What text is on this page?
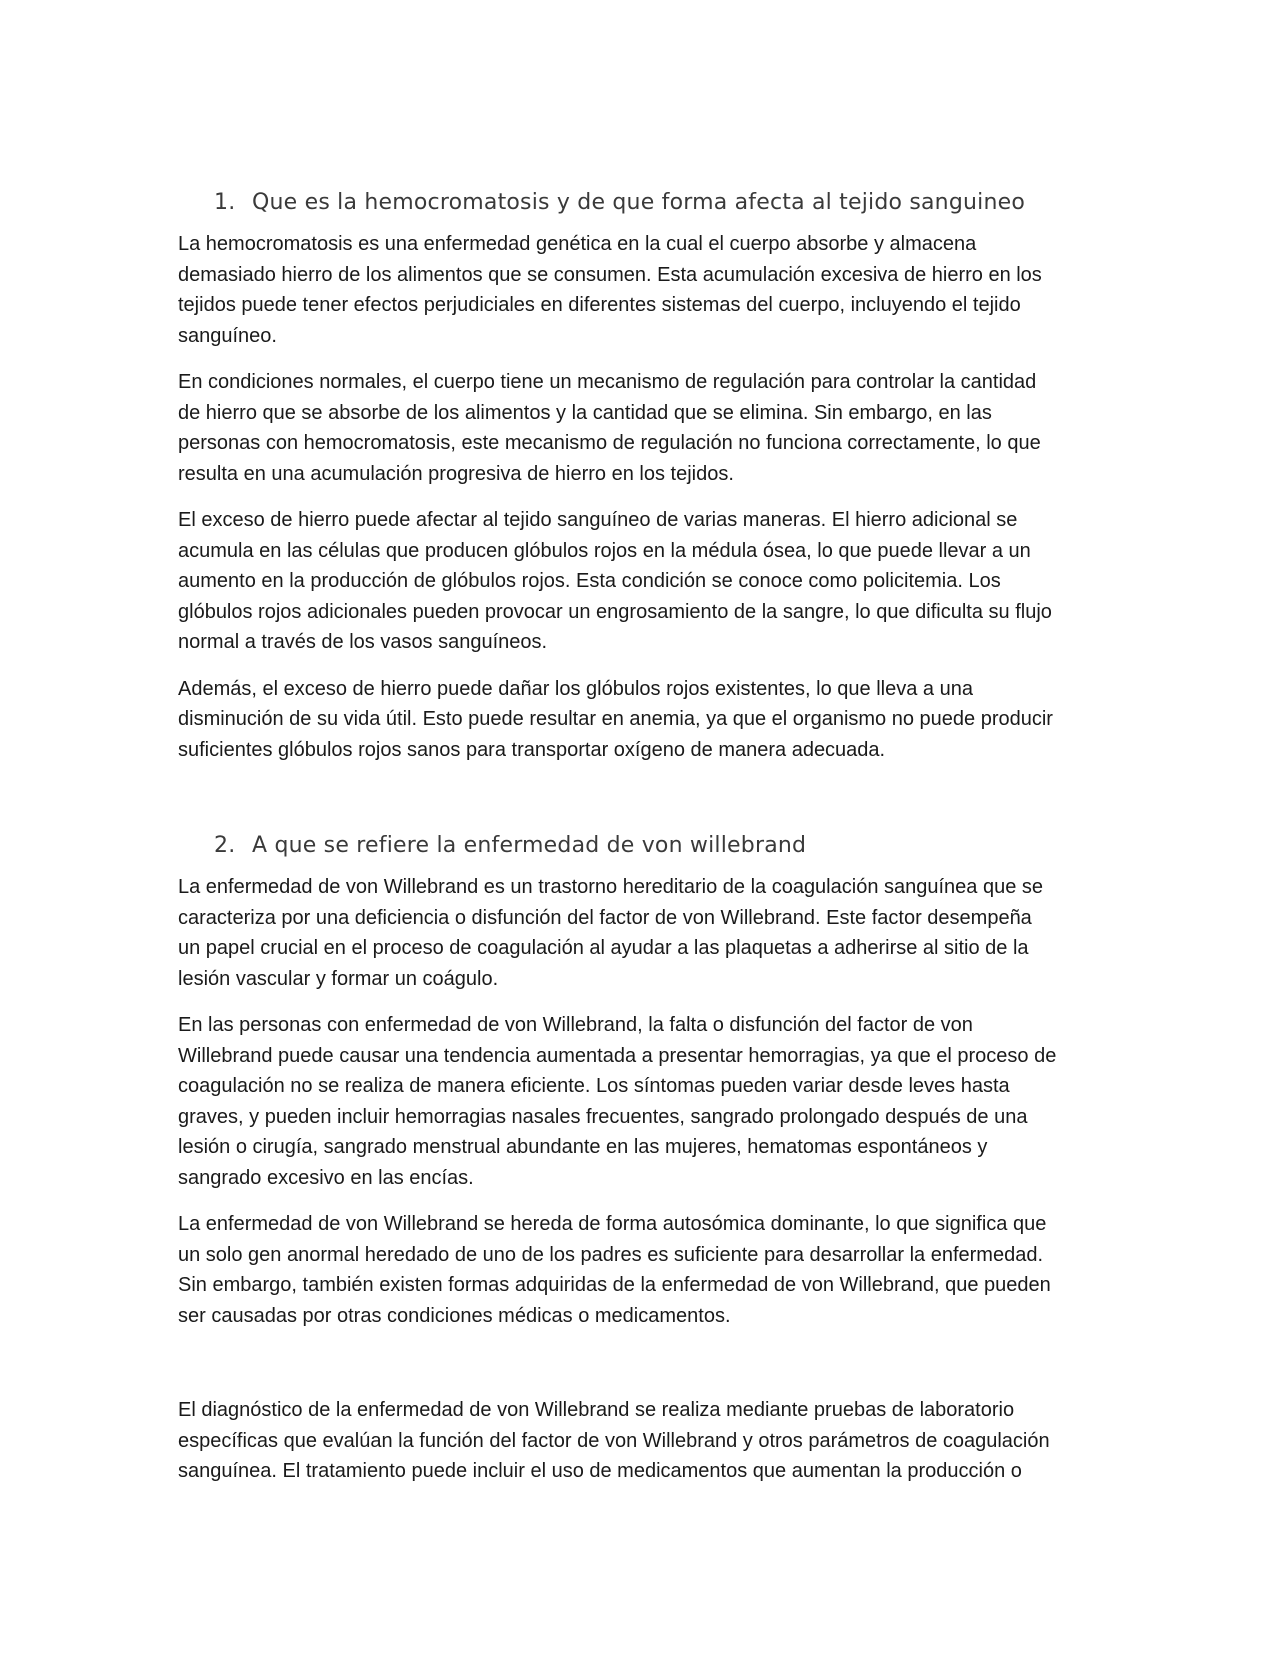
1. Que es la hemocromatosis y de que forma afecta al tejido sanguineo

La hemocromatosis es una enfermedad genética en la cual el cuerpo absorbe y almacena
demasiado hierro de los alimentos que se consumen. Esta acumulación excesiva de hierro en los
tejidos puede tener efectos perjudiciales en diferentes sistemas del cuerpo, incluyendo el tejido
sanguíneo.

En condiciones normales, el cuerpo tiene un mecanismo de regulación para controlar la cantidad
de hierro que se absorbe de los alimentos y la cantidad que se elimina. Sin embargo, en las
personas con hemocromatosis, este mecanismo de regulación no funciona correctamente, lo que
resulta en una acumulación progresiva de hierro en los tejidos.

El exceso de hierro puede afectar al tejido sanguíneo de varias maneras. El hierro adicional se
acumula en las células que producen glóbulos rojos en la médula ósea, lo que puede llevar a un
aumento en la producción de glóbulos rojos. Esta condición se conoce como policitemia. Los
glóbulos rojos adicionales pueden provocar un engrosamiento de la sangre, lo que dificulta su flujo
normal a través de los vasos sanguíneos.

Además, el exceso de hierro puede dañar los glóbulos rojos existentes, lo que lleva a una
disminución de su vida útil. Esto puede resultar en anemia, ya que el organismo no puede producir
suficientes glóbulos rojos sanos para transportar oxígeno de manera adecuada.

2. A que se refiere la enfermedad de von willebrand

La enfermedad de von Willebrand es un trastorno hereditario de la coagulación sanguínea que se
caracteriza por una deficiencia o disfunción del factor de von Willebrand. Este factor desempeña
un papel crucial en el proceso de coagulación al ayudar a las plaquetas a adherirse al sitio de la
lesión vascular y formar un coágulo.

En las personas con enfermedad de von Willebrand, la falta o disfunción del factor de von
Willebrand puede causar una tendencia aumentada a presentar hemorragias, ya que el proceso de
coagulación no se realiza de manera eficiente. Los síntomas pueden variar desde leves hasta
graves, y pueden incluir hemorragias nasales frecuentes, sangrado prolongado después de una
lesión o cirugía, sangrado menstrual abundante en las mujeres, hematomas espontáneos y
sangrado excesivo en las encías.

La enfermedad de von Willebrand se hereda de forma autosómica dominante, lo que significa que
un solo gen anormal heredado de uno de los padres es suficiente para desarrollar la enfermedad.
Sin embargo, también existen formas adquiridas de la enfermedad de von Willebrand, que pueden
ser causadas por otras condiciones médicas o medicamentos.

El diagnóstico de la enfermedad de von Willebrand se realiza mediante pruebas de laboratorio
específicas que evalúan la función del factor de von Willebrand y otros parámetros de coagulación
sanguínea. El tratamiento puede incluir el uso de medicamentos que aumentan la producción o
